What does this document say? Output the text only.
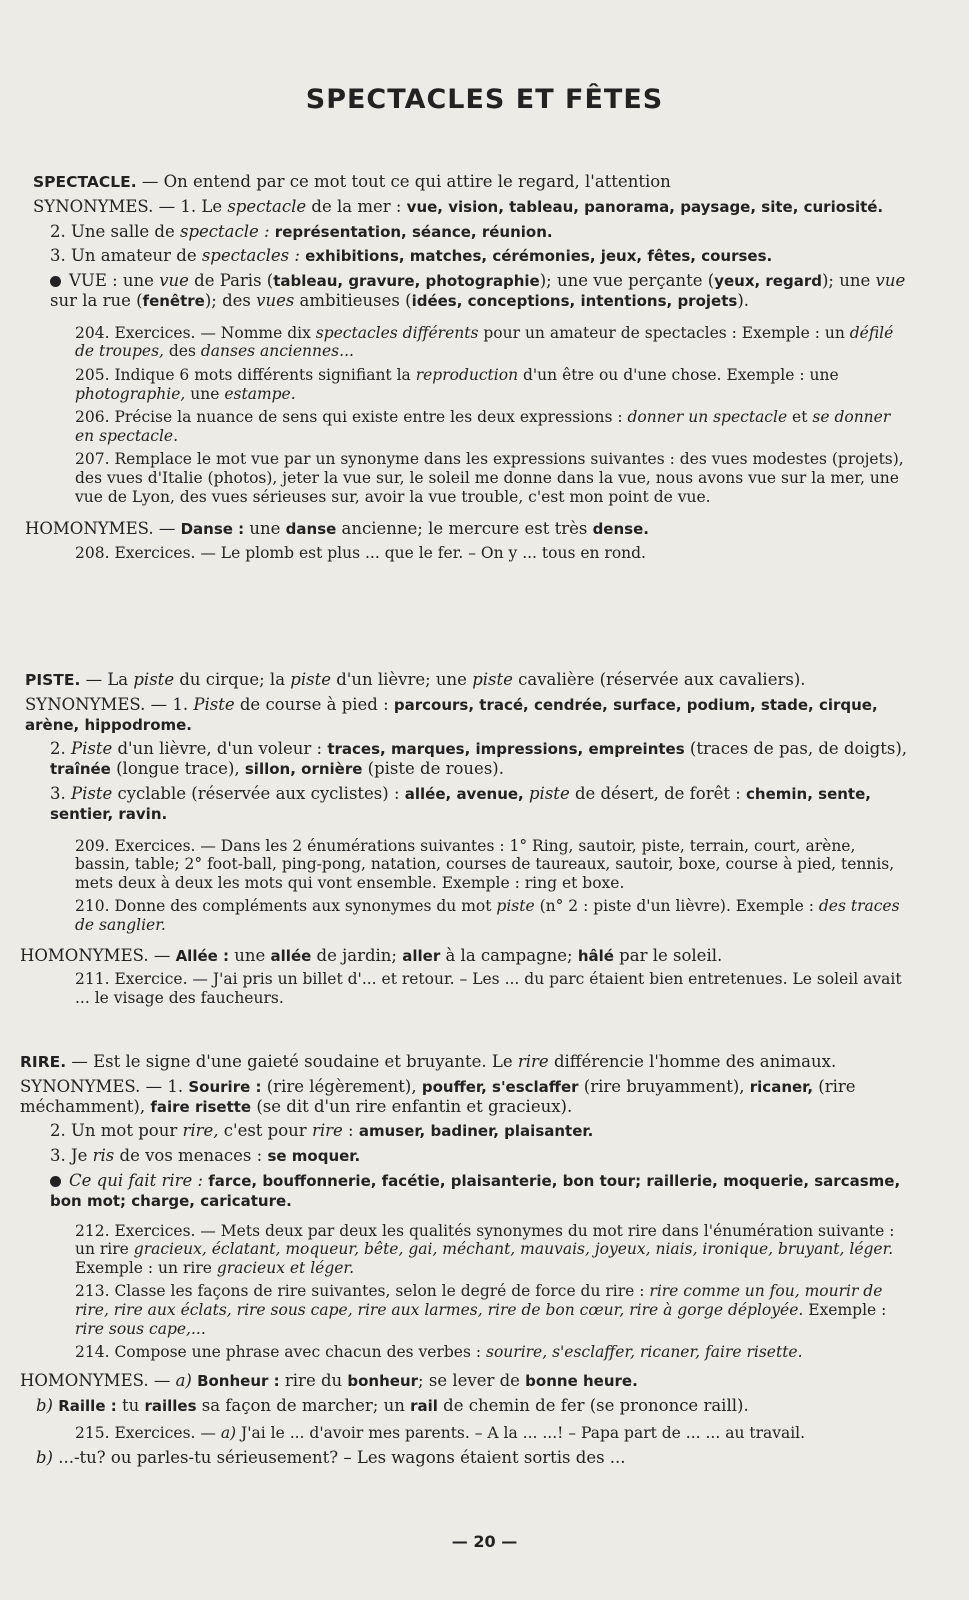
SPECTACLES ET FÊTES

SPECTACLE. — On entend par ce mot tout ce qui attire le regard, l'attention

SYNONYMES. — 1. Le spectacle de la mer : vue, vision, tableau, panorama, paysage, site, curiosité.

2. Une salle de spectacle : représentation, séance, réunion.

3. Un amateur de spectacles : exhibitions, matches, cérémonies, jeux, fêtes, courses.

VUE : une vue de Paris (tableau, gravure, photographie); une vue perçante (yeux, regard); une vue sur la rue (fenêtre); des vues ambitieuses (idées, conceptions, intentions, projets).

204. Exercices. — Nomme dix spectacles différents pour un amateur de spectacles : Exemple : un défilé de troupes, des danses anciennes...

205. Indique 6 mots différents signifiant la reproduction d'un être ou d'une chose. Exemple : une photographie, une estampe.

206. Précise la nuance de sens qui existe entre les deux expressions : donner un spectacle et se donner en spectacle.

207. Remplace le mot vue par un synonyme dans les expressions suivantes : des vues modestes (projets), des vues d'Italie (photos), jeter la vue sur, le soleil me donne dans la vue, nous avons vue sur la mer, une vue de Lyon, des vues sérieuses sur, avoir la vue trouble, c'est mon point de vue.

HOMONYMES. — Danse : une danse ancienne; le mercure est très dense.

208. Exercices. — Le plomb est plus ... que le fer. – On y ... tous en rond.

PISTE. — La piste du cirque; la piste d'un lièvre; une piste cavalière (réservée aux cavaliers).

SYNONYMES. — 1. Piste de course à pied : parcours, tracé, cendrée, surface, podium, stade, cirque, arène, hippodrome.

2. Piste d'un lièvre, d'un voleur : traces, marques, impressions, empreintes (traces de pas, de doigts), traînée (longue trace), sillon, ornière (piste de roues).

3. Piste cyclable (réservée aux cyclistes) : allée, avenue, piste de désert, de forêt : chemin, sente, sentier, ravin.

209. Exercices. — Dans les 2 énumérations suivantes : 1° Ring, sautoir, piste, terrain, court, arène, bassin, table; 2° foot-ball, ping-pong, natation, courses de taureaux, sautoir, boxe, course à pied, tennis, mets deux à deux les mots qui vont ensemble. Exemple : ring et boxe.

210. Donne des compléments aux synonymes du mot piste (n° 2 : piste d'un lièvre). Exemple : des traces de sanglier.

HOMONYMES. — Allée : une allée de jardin; aller à la campagne; hâlé par le soleil.

211. Exercice. — J'ai pris un billet d'... et retour. – Les ... du parc étaient bien entretenues. Le soleil avait ... le visage des faucheurs.

RIRE. — Est le signe d'une gaieté soudaine et bruyante. Le rire différencie l'homme des animaux.

SYNONYMES. — 1. Sourire : (rire légèrement), pouffer, s'esclaffer (rire bruyamment), ricaner, (rire méchamment), faire risette (se dit d'un rire enfantin et gracieux).

2. Un mot pour rire, c'est pour rire : amuser, badiner, plaisanter.

3. Je ris de vos menaces : se moquer.

Ce qui fait rire : farce, bouffonnerie, facétie, plaisanterie, bon tour; raillerie, moquerie, sarcasme, bon mot; charge, caricature.

212. Exercices. — Mets deux par deux les qualités synonymes du mot rire dans l'énumération suivante : un rire gracieux, éclatant, moqueur, bête, gai, méchant, mauvais, joyeux, niais, ironique, bruyant, léger. Exemple : un rire gracieux et léger.

213. Classe les façons de rire suivantes, selon le degré de force du rire : rire comme un fou, mourir de rire, rire aux éclats, rire sous cape, rire aux larmes, rire de bon cœur, rire à gorge déployée. Exemple : rire sous cape,...

214. Compose une phrase avec chacun des verbes : sourire, s'esclaffer, ricaner, faire risette.

HOMONYMES. — a) Bonheur : rire du bonheur; se lever de bonne heure.

b) Raille : tu railles sa façon de marcher; un rail de chemin de fer (se prononce raill).

215. Exercices. — a) J'ai le ... d'avoir mes parents. – A la ... ...! – Papa part de ... ... au travail.

b) ...-tu? ou parles-tu sérieusement? – Les wagons étaient sortis des ...

— 20 —
